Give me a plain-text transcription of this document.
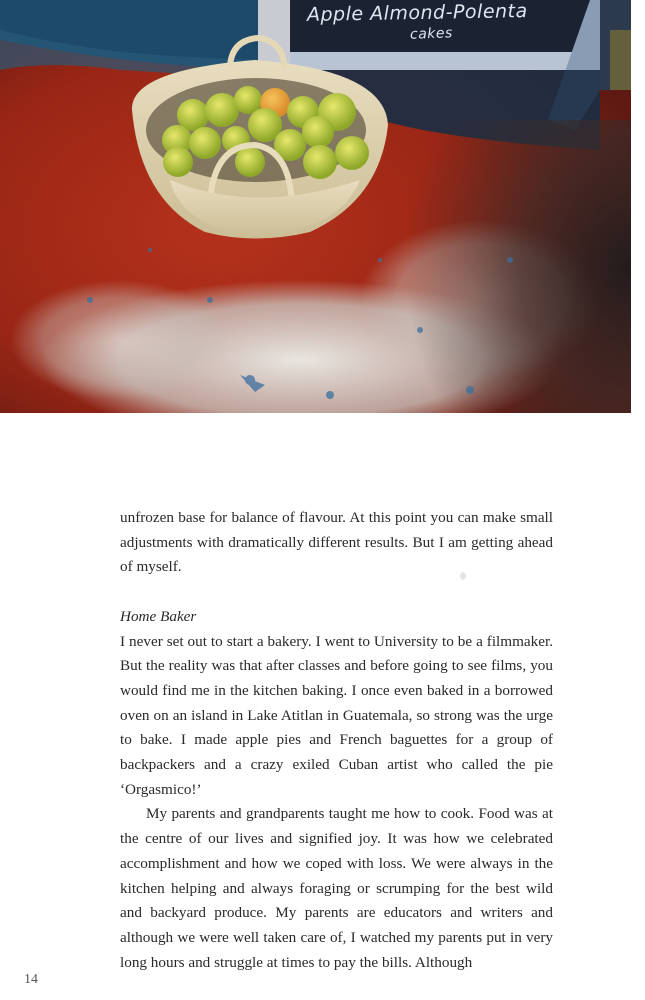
Apple Almond-Polenta
cakes

unfrozen base for balance of flavour. At this point you can make small adjustments with dramatically different results. But I am getting ahead of myself.

Home Baker

I never set out to start a bakery. I went to University to be a filmmaker. But the reality was that after classes and before going to see films, you would find me in the kitchen baking. I once even baked in a borrowed oven on an island in Lake Atitlan in Guatemala, so strong was the urge to bake. I made apple pies and French baguettes for a group of backpackers and a crazy exiled Cuban artist who called the pie ‘Orgasmico!’

My parents and grandparents taught me how to cook. Food was at the centre of our lives and signified joy. It was how we celebrated accomplishment and how we coped with loss. We were always in the kitchen helping and always foraging or scrumping for the best wild and backyard produce. My parents are educators and writers and although we were well taken care of, I watched my parents put in very long hours and struggle at times to pay the bills. Although

14
